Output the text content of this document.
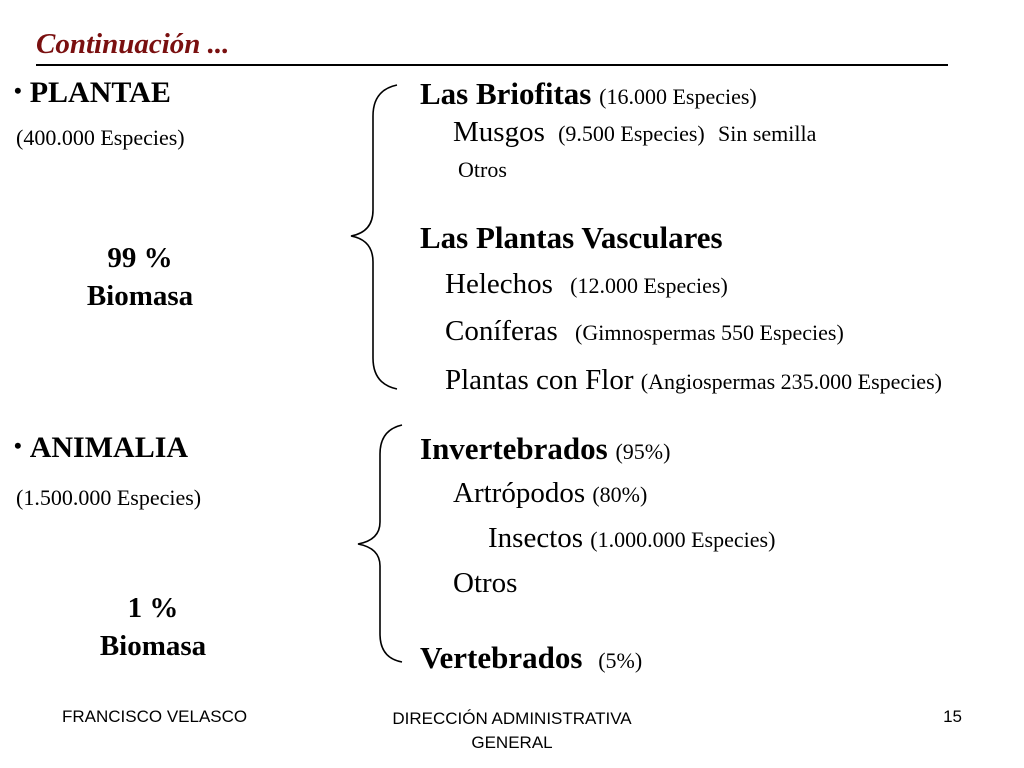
Continuación ...
• PLANTAE
(400.000 Especies)
99 %
Biomasa
Las Briofitas (16.000 Especies)
Musgos (9.500 Especies) Sin semilla
Otros
Las Plantas Vasculares
Helechos (12.000 Especies)
Coníferas (Gimnospermas 550 Especies)
Plantas con Flor (Angiospermas 235.000 Especies)
• ANIMALIA
(1.500.000 Especies)
1 %
Biomasa
Invertebrados (95%)
Artrópodos (80%)
Insectos (1.000.000 Especies)
Otros
Vertebrados (5%)
FRANCISCO VELASCO	DIRECCIÓN ADMINISTRATIVA
GENERAL
15
